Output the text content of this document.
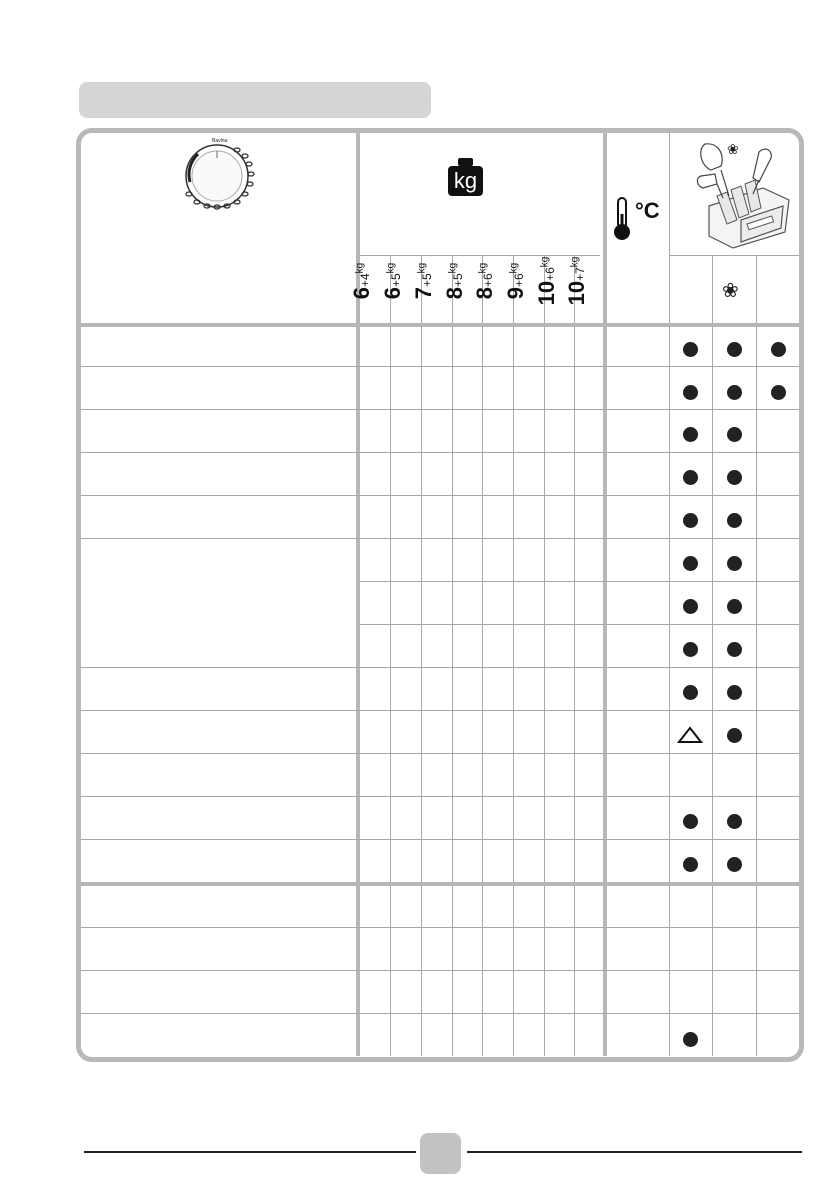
Bavlna
kg
°C
❀
❀
$6+4^{kg}$
$6+5^{kg}$
$7+5^{kg}$
$8+5^{kg}$
$8+6^{kg}$
$9+6^{kg}$
$10+6^{kg}$
$10+7^{kg}$
